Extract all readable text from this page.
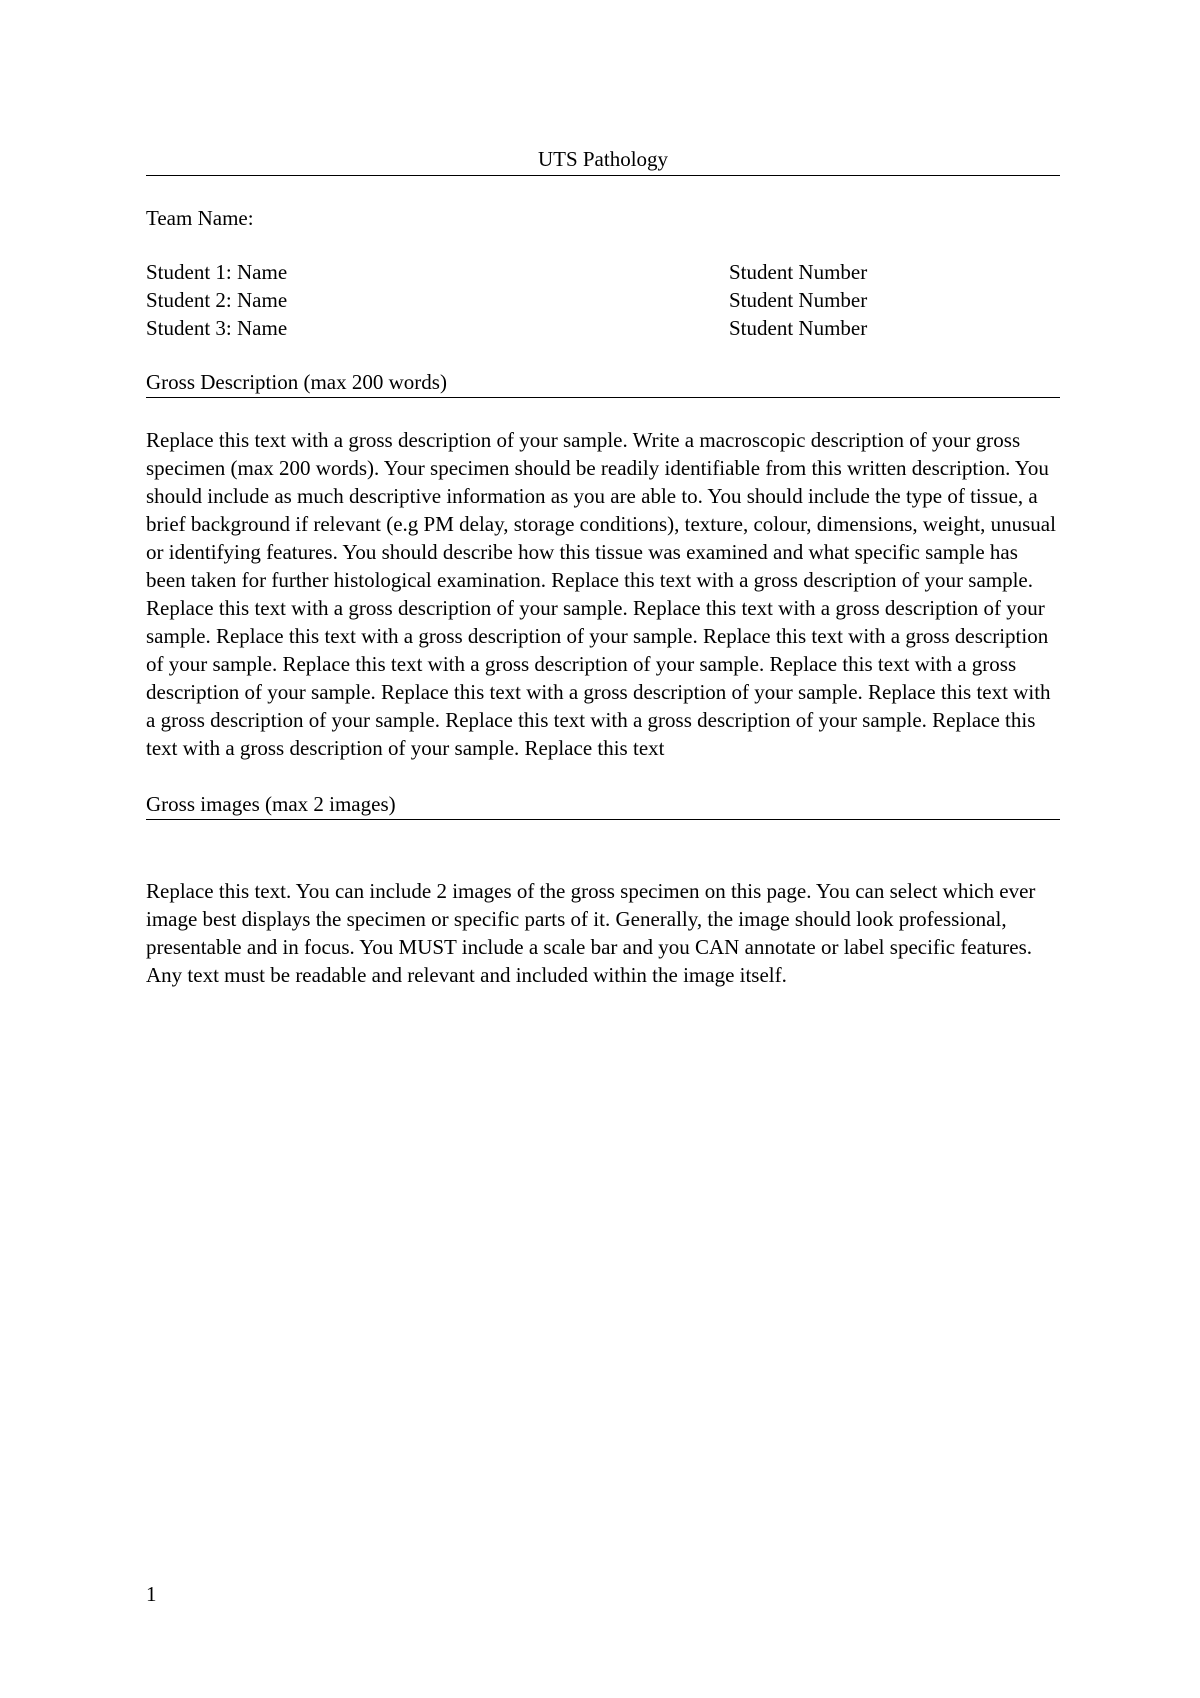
UTS Pathology

Team Name:

Student 1: Name	Student Number
Student 2: Name	Student Number
Student 3: Name	Student Number

Gross Description (max 200 words)

Replace this text with a gross description of your sample. Write a macroscopic description of your gross specimen (max 200 words). Your specimen should be readily identifiable from this written description. You should include as much descriptive information as you are able to. You should include the type of tissue, a brief background if relevant (e.g PM delay, storage conditions), texture, colour, dimensions, weight, unusual or identifying features. You should describe how this tissue was examined and what specific sample has been taken for further histological examination. Replace this text with a gross description of your sample. Replace this text with a gross description of your sample. Replace this text with a gross description of your sample. Replace this text with a gross description of your sample. Replace this text with a gross description of your sample. Replace this text with a gross description of your sample. Replace this text with a gross description of your sample. Replace this text with a gross description of your sample. Replace this text with a gross description of your sample. Replace this text with a gross description of your sample. Replace this text with a gross description of your sample. Replace this text

Gross images (max 2 images)

Replace this text. You can include 2 images of the gross specimen on this page. You can select which ever image best displays the specimen or specific parts of it. Generally, the image should look professional, presentable and in focus. You MUST include a scale bar and you CAN annotate or label specific features. Any text must be readable and relevant and included within the image itself.

1
